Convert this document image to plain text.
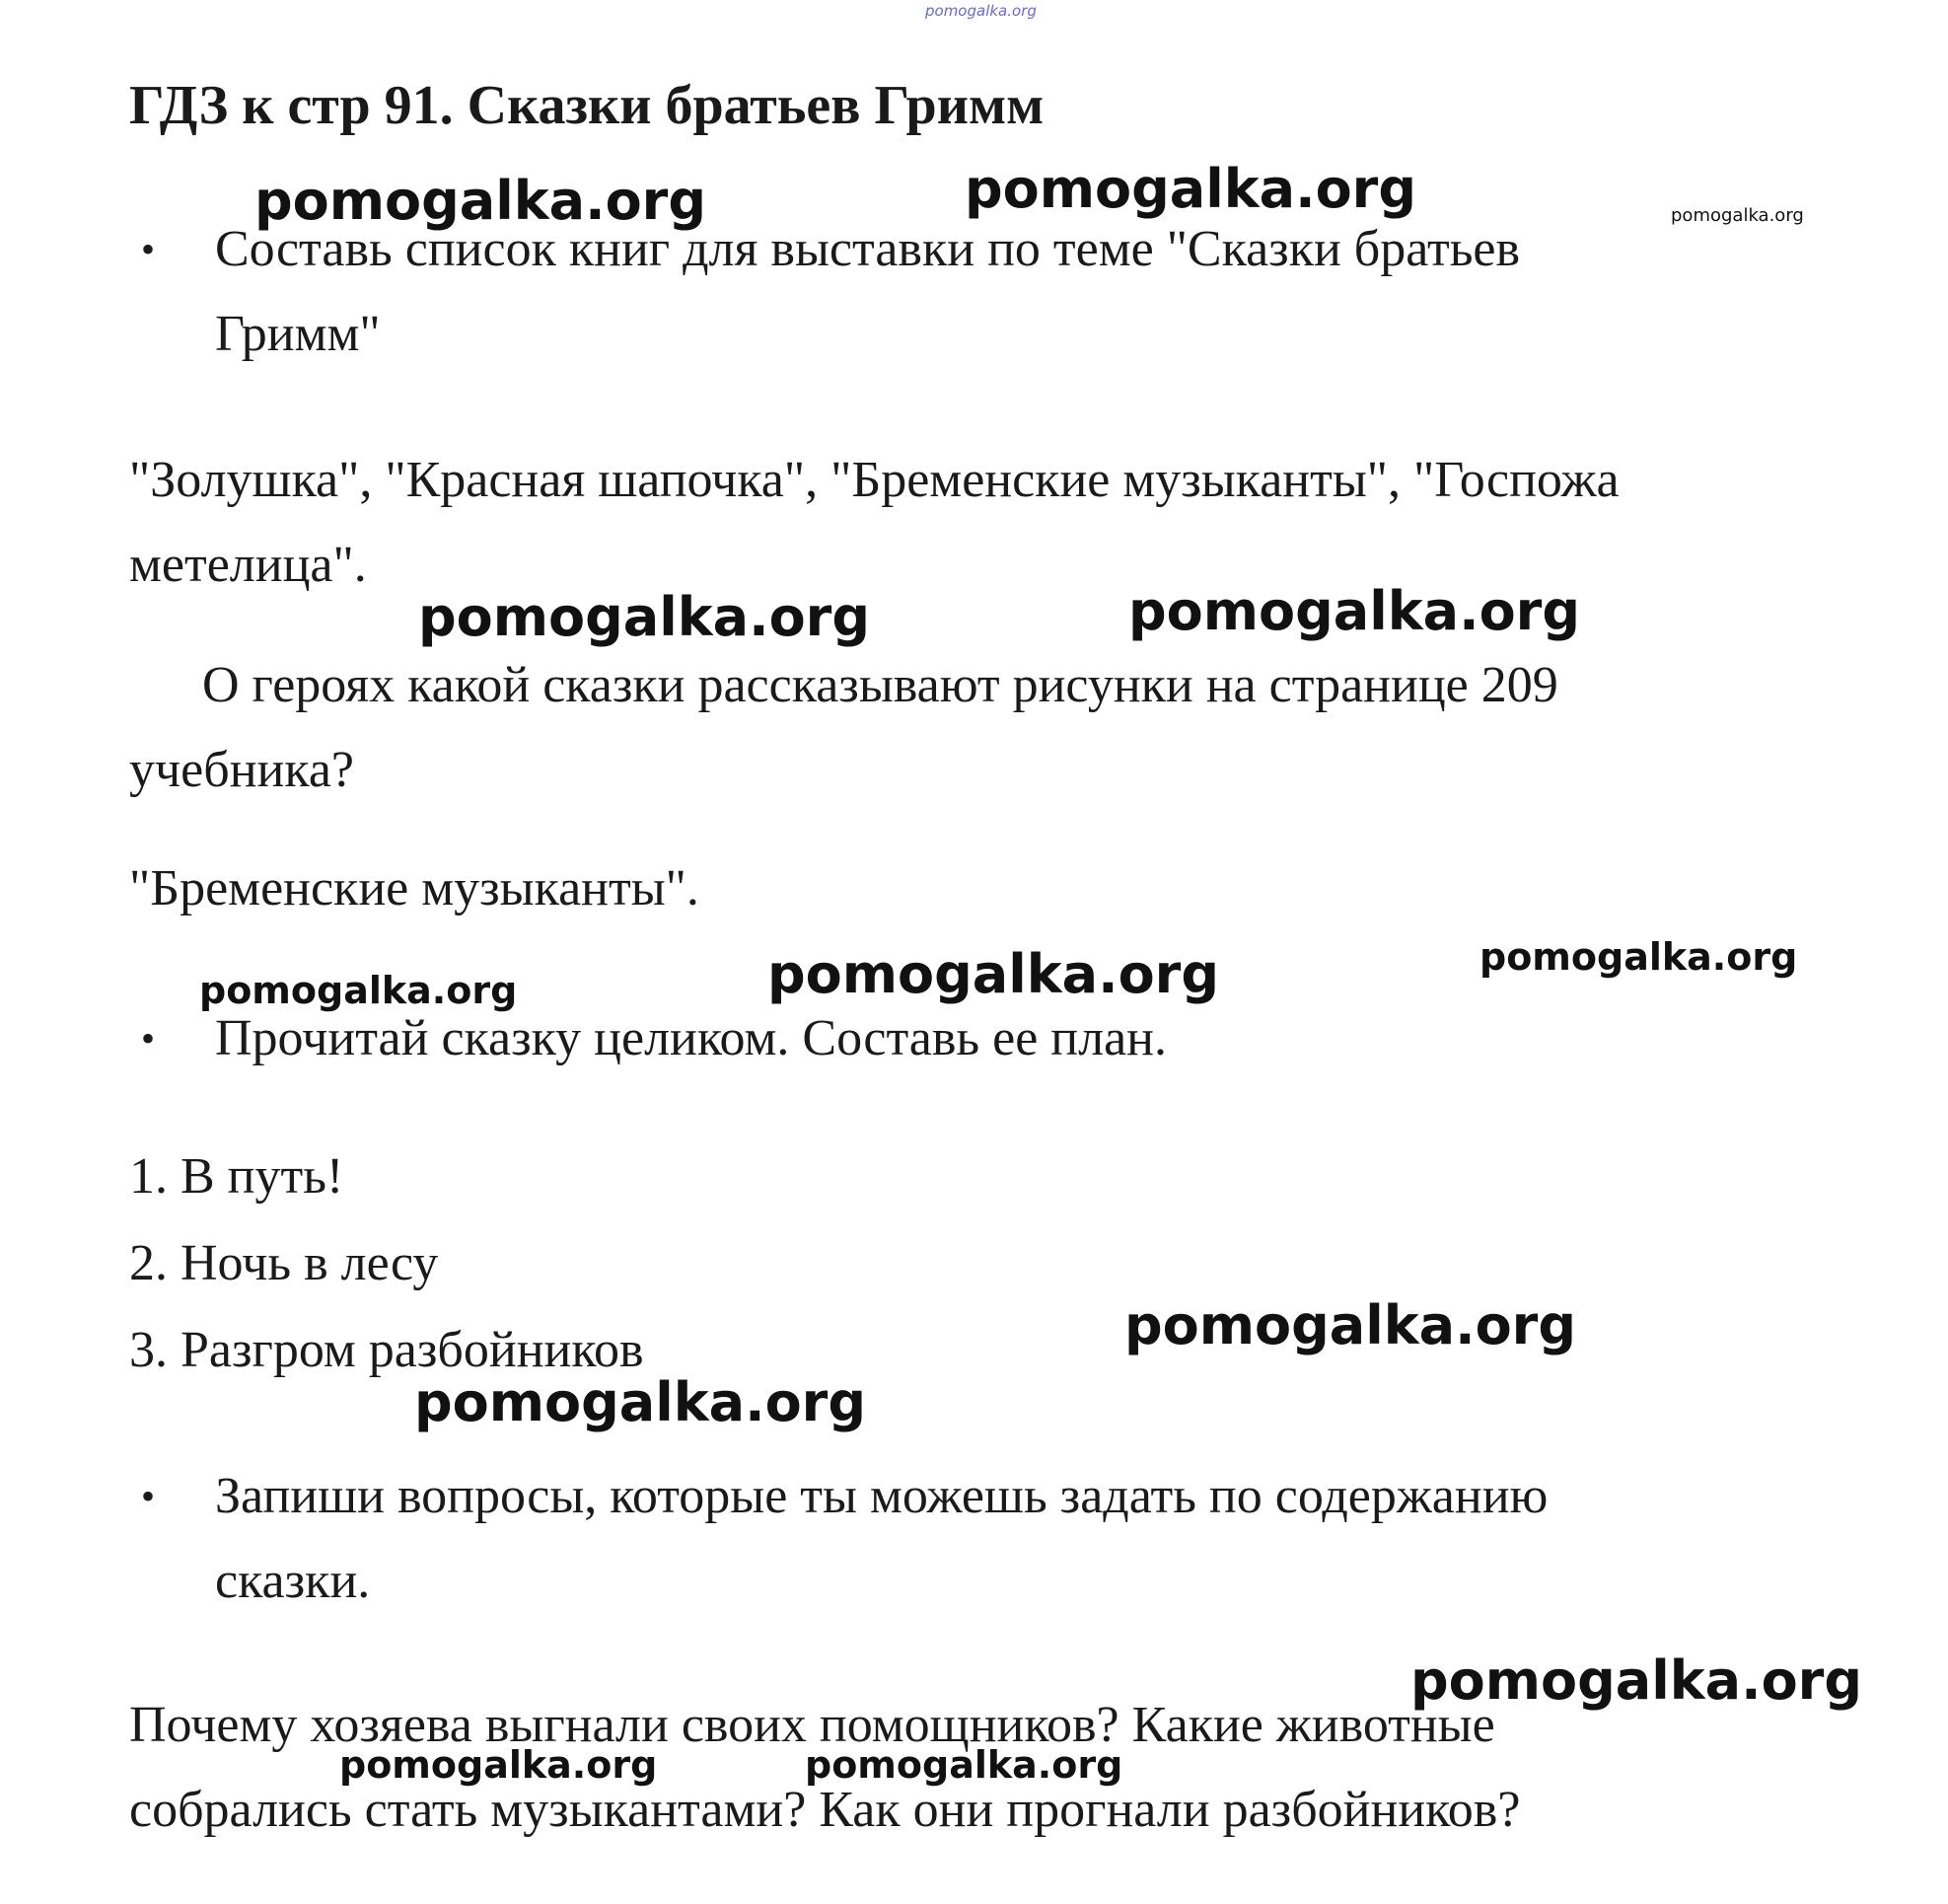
pomogalka.org
ГДЗ к стр 91. Сказки братьев Гримм
• Составь список книг для выставки по теме "Сказки братьев
Гримм"
"Золушка", "Красная шапочка", "Бременские музыканты", "Госпожа
метелица".
О героях какой сказки рассказывают рисунки на странице 209
учебника?
"Бременские музыканты".
• Прочитай сказку целиком. Составь ее план.
1. В путь!
2. Ночь в лесу
3. Разгром разбойников
• Запиши вопросы, которые ты можешь задать по содержанию
сказки.
Почему хозяева выгнали своих помощников? Какие животные
собрались стать музыкантами? Как они прогнали разбойников?
pomogalka.org	pomogalka.org	pomogalka.org
pomogalka.org	pomogalka.org
pomogalka.org	pomogalka.org	pomogalka.org
pomogalka.org
pomogalka.org
pomogalka.org
pomogalka.org	pomogalka.org
